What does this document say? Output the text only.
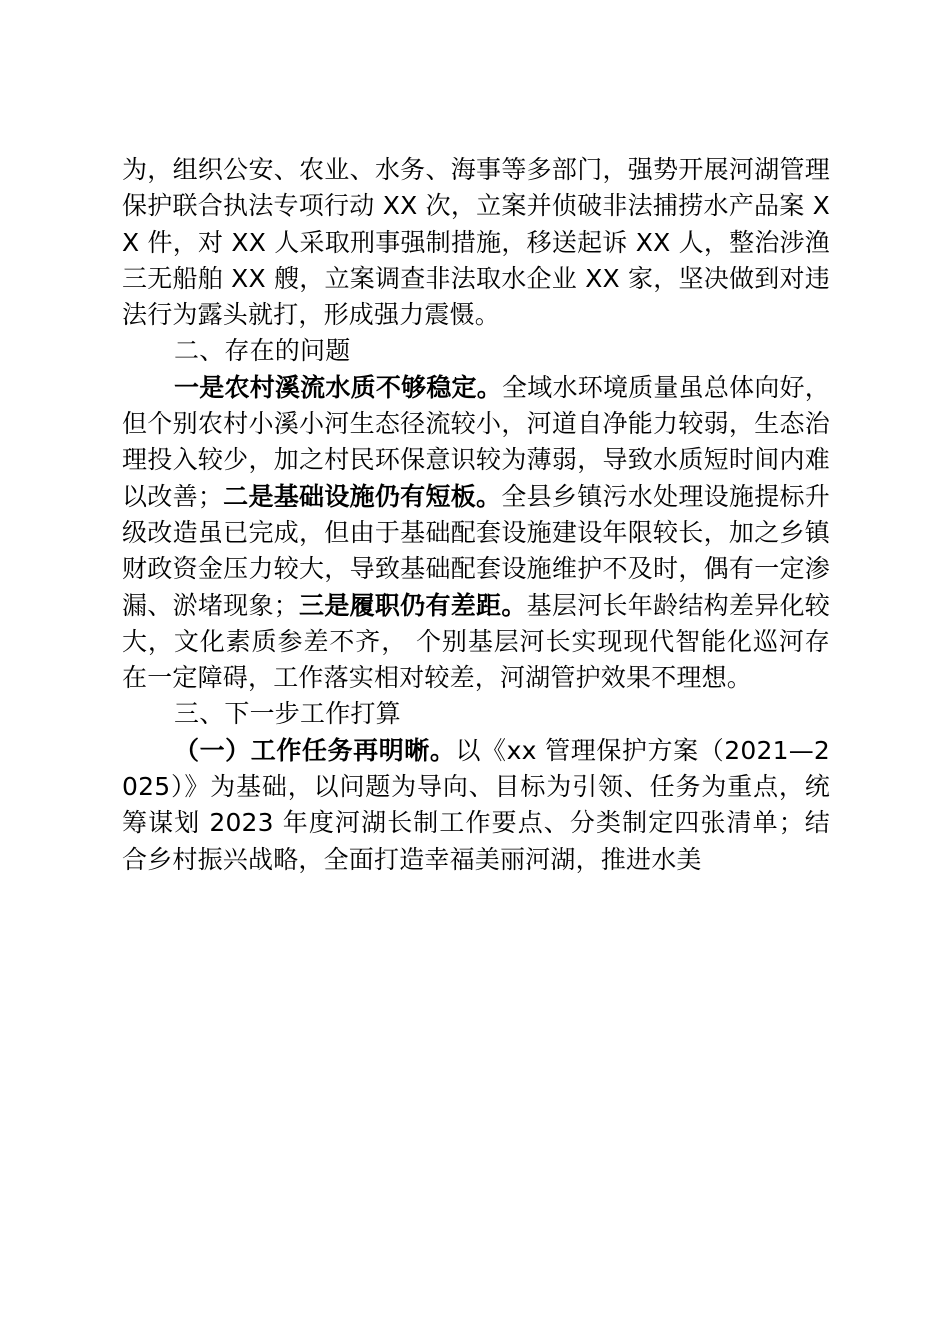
为，组织公安、农业、水务、海事等多部门，强势开展河湖管理保护联合执法专项行动 XX 次，立案并侦破非法捕捞水产品案 XX 件，对 XX 人采取刑事强制措施，移送起诉 XX 人，整治涉渔三无船舶 XX 艘，立案调查非法取水企业 XX 家，坚决做到对违法行为露头就打，形成强力震慑。

二、存在的问题

一是农村溪流水质不够稳定。全域水环境质量虽总体向好，但个别农村小溪小河生态径流较小，河道自净能力较弱，生态治理投入较少，加之村民环保意识较为薄弱，导致水质短时间内难以改善；二是基础设施仍有短板。全县乡镇污水处理设施提标升级改造虽已完成，但由于基础配套设施建设年限较长，加之乡镇财政资金压力较大，导致基础配套设施维护不及时，偶有一定渗漏、淤堵现象；三是履职仍有差距。基层河长年龄结构差异化较大，文化素质参差不齐， 个别基层河长实现现代智能化巡河存在一定障碍，工作落实相对较差，河湖管护效果不理想。

三、下一步工作打算

（一）工作任务再明晰。以《xx 管理保护方案（2021—2025）》为基础，以问题为导向、目标为引领、任务为重点，统筹谋划 2023 年度河湖长制工作要点、分类制定四张清单；结合乡村振兴战略，全面打造幸福美丽河湖，推进水美
